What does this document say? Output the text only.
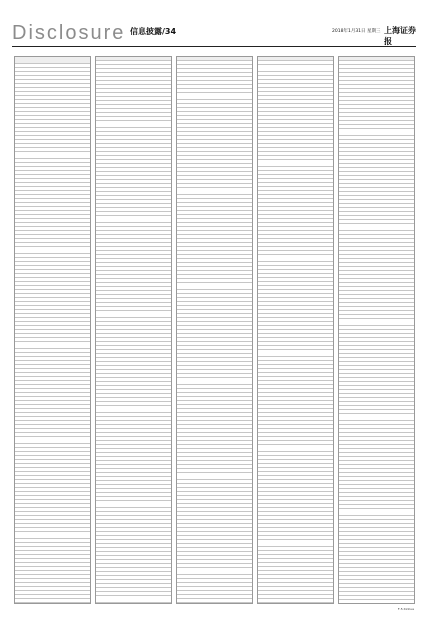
Disclosure 信息披露/34	2018年1月31日 星期三 上海证券报
F-5 Xinhua
